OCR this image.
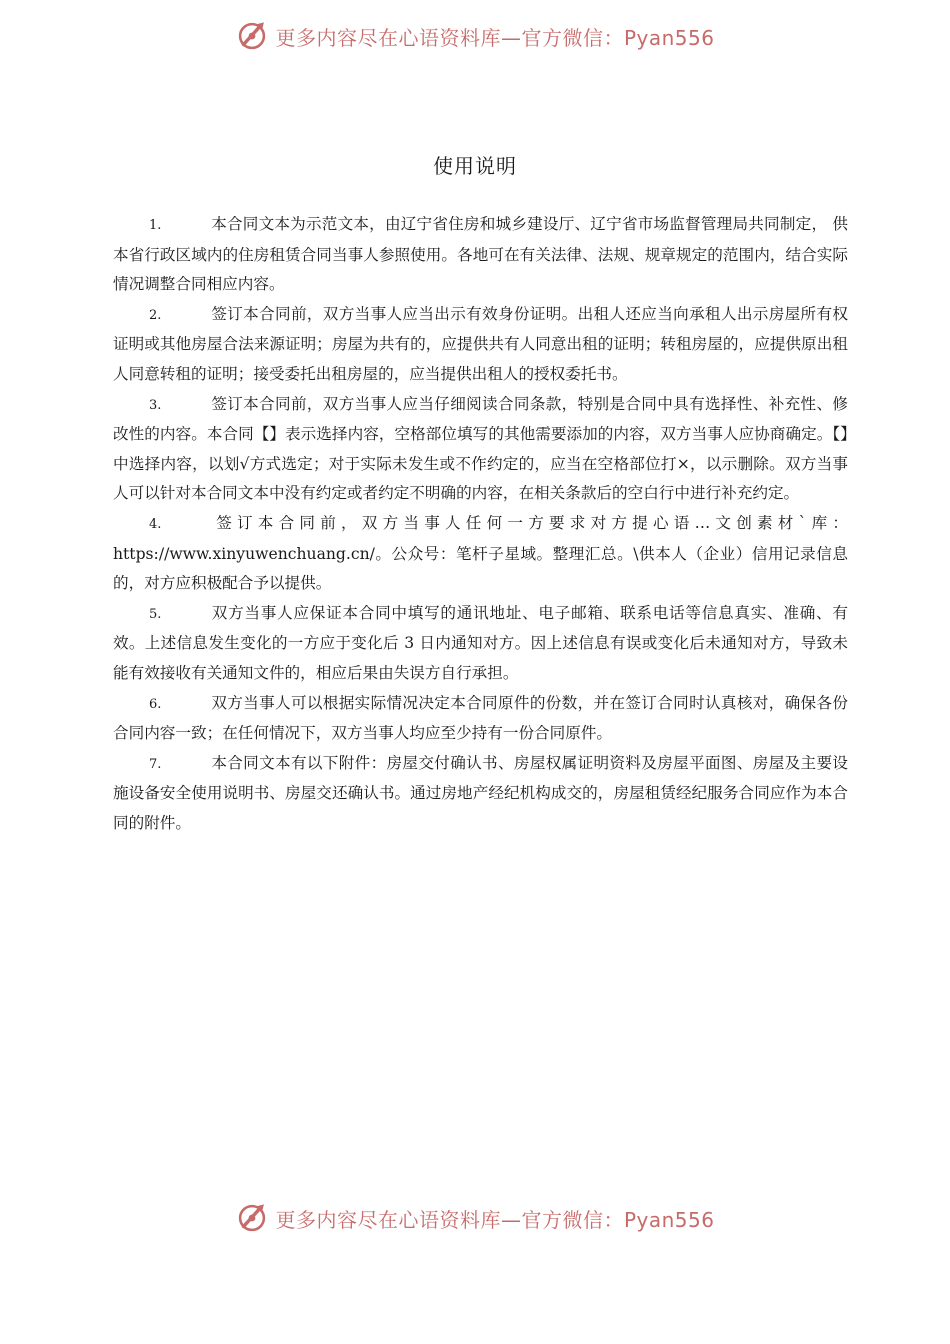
更多内容尽在心语资料库—官方微信：Pyan556
使用说明

1.	本合同文本为示范文本，由辽宁省住房和城乡建设厅、辽宁省市场监督管理局共同制定， 供本省行政区域内的住房租赁合同当事人参照使用。各地可在有关法律、法规、规章规定的范围内，结合实际情况调整合同相应内容。

2.	签订本合同前，双方当事人应当出示有效身份证明。出租人还应当向承租人出示房屋所有权证明或其他房屋合法来源证明；房屋为共有的，应提供共有人同意出租的证明；转租房屋的，应提供原出租人同意转租的证明；接受委托出租房屋的，应当提供出租人的授权委托书。

3.	签订本合同前，双方当事人应当仔细阅读合同条款，特别是合同中具有选择性、补充性、修改性的内容。本合同【】表示选择内容，空格部位填写的其他需要添加的内容，双方当事人应协商确定。【】中选择内容，以划√方式选定；对于实际未发生或不作约定的，应当在空格部位打×，以示删除。双方当事人可以针对本合同文本中没有约定或者约定不明确的内容，在相关条款后的空白行中进行补充约定。

4.	签订本合同前，双方当事人任何一方要求对方提心语…文创素材`库：https://www.xinyuwenchuang.cn/。公众号：笔杆子星域。整理汇总。\供本人（企业）信用记录信息的，对方应积极配合予以提供。

5.	双方当事人应保证本合同中填写的通讯地址、电子邮箱、联系电话等信息真实、准确、有效。上述信息发生变化的一方应于变化后 3 日内通知对方。因上述信息有误或变化后未通知对方，导致未能有效接收有关通知文件的，相应后果由失误方自行承担。

6.	双方当事人可以根据实际情况决定本合同原件的份数，并在签订合同时认真核对，确保各份合同内容一致；在任何情况下，双方当事人均应至少持有一份合同原件。

7.	本合同文本有以下附件：房屋交付确认书、房屋权属证明资料及房屋平面图、房屋及主要设施设备安全使用说明书、房屋交还确认书。通过房地产经纪机构成交的，房屋租赁经纪服务合同应作为本合同的附件。

更多内容尽在心语资料库—官方微信：Pyan556
